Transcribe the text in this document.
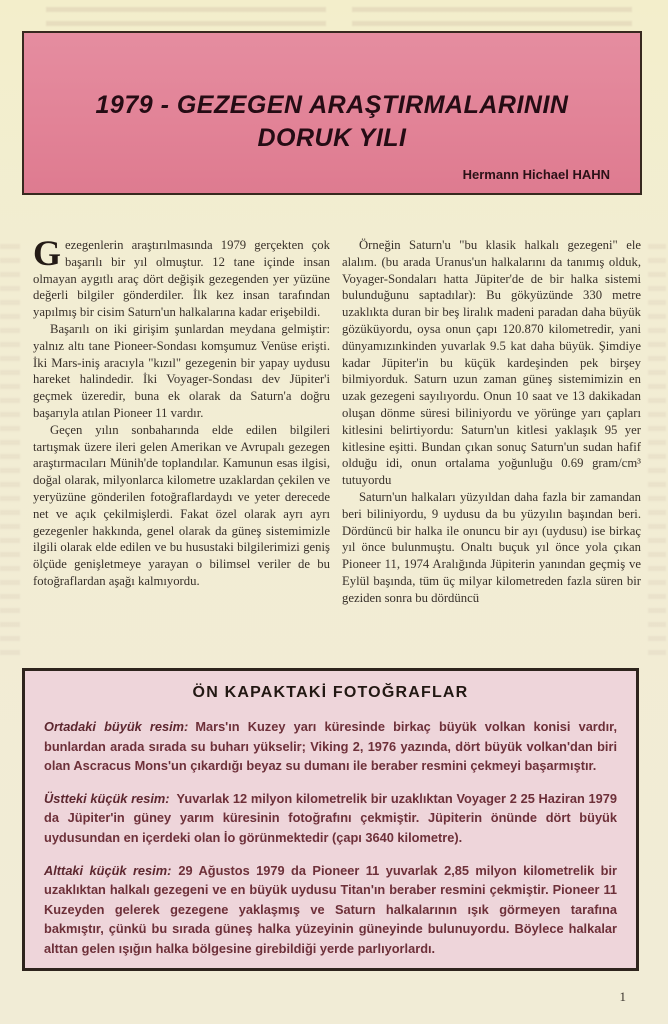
1979 - GEZEGEN ARAŞTIRMALARININ
DORUK YILI
Hermann Hichael HAHN

Gezegenlerin araştırılmasında 1979 gerçekten çok başarılı bir yıl olmuştur. 12 tane içinde insan olmayan aygıtlı araç dört değişik gezegenden yer yüzüne değerli bilgiler gönderdiler. İlk kez insan tarafından yapılmış bir cisim Saturn'un halkalarına kadar erişebildi.

Başarılı on iki girişim şunlardan meydana gelmiştir: yalnız altı tane Pioneer-Sondası komşumuz Venüse erişti. İki Mars-iniş aracıyla "kızıl" gezegenin bir yapay uydusu hareket halindedir. İki Voyager-Sondası dev Jüpiter'i geçmek üzeredir, buna ek olarak da Saturn'a doğru başarıyla atılan Pioneer 11 vardır.

Geçen yılın sonbaharında elde edilen bilgileri tartışmak üzere ileri gelen Amerikan ve Avrupalı gezegen araştırmacıları Münih'de toplandılar. Kamunun esas ilgisi, doğal olarak, milyonlarca kilometre uzaklardan çekilen ve yeryüzüne gönderilen fotoğraflardaydı ve yeter derecede net ve açık çekilmişlerdi. Fakat özel olarak ayrı ayrı gezegenler hakkında, genel olarak da güneş sistemimizle ilgili olarak elde edilen ve bu husustaki bilgilerimizi geniş ölçüde genişletmeye yarayan o bilimsel veriler de bu fotoğraflardan aşağı kalmıyordu.

Örneğin Saturn'u "bu klasik halkalı gezegeni" ele alalım. (bu arada Uranus'un halkalarını da tanımış olduk, Voyager-Sondaları hatta Jüpiter'de de bir halka sistemi bulunduğunu saptadılar): Bu gökyüzünde 330 metre uzaklıkta duran bir beş liralık madeni paradan daha büyük gözüküyordu, oysa onun çapı 120.870 kilometredir, yani dünyamızınkinden yuvarlak 9.5 kat daha büyük. Şimdiye kadar Jüpiter'in bu küçük kardeşinden pek birşey bilmiyorduk. Saturn uzun zaman güneş sistemimizin en uzak gezegeni sayılıyordu. Onun 10 saat ve 13 dakikadan oluşan dönme süresi biliniyordu ve yörünge yarı çapları kitlesini belirtiyordu: Saturn'un kitlesi yaklaşık 95 yer kitlesine eşitti. Bundan çıkan sonuç Saturn'un sudan hafif olduğu idi, onun ortalama yoğunluğu 0.69 gram/cm³ tutuyordu

Saturn'un halkaları yüzyıldan daha fazla bir zamandan beri biliniyordu, 9 uydusu da bu yüzyılın başından beri. Dördüncü bir halka ile onuncu bir ayı (uydusu) ise birkaç yıl önce bulunmuştu. Onaltı buçuk yıl önce yola çıkan Pioneer 11, 1974 Aralığında Jüpiterin yanından geçmiş ve Eylül başında, tüm üç milyar kilometreden fazla süren bir geziden sonra bu dördüncü

ÖN KAPAKTAKİ FOTOĞRAFLAR

Ortadaki büyük resim: Mars'ın Kuzey yarı küresinde birkaç büyük volkan konisi vardır, bunlardan arada sırada su buharı yükselir; Viking 2, 1976 yazında, dört büyük volkan'dan biri olan Ascracus Mons'un çıkardığı beyaz su dumanı ile beraber resmini çekmeyi başarmıştır.

Üstteki küçük resim: Yuvarlak 12 milyon kilometrelik bir uzaklıktan Voyager 2 25 Haziran 1979 da Jüpiter'in güney yarım küresinin fotoğrafını çekmiştir. Jüpiterin önünde dört büyük uydusundan en içerdeki olan İo görünmektedir (çapı 3640 kilometre).

Alttaki küçük resim: 29 Ağustos 1979 da Pioneer 11 yuvarlak 2,85 milyon kilometrelik bir uzaklıktan halkalı gezegeni ve en büyük uydusu Titan'ın beraber resmini çekmiştir. Pioneer 11 Kuzeyden gelerek gezegene yaklaşmış ve Saturn halkalarının ışık görmeyen tarafına bakmıştır, çünkü bu sırada güneş halka yüzeyinin güneyinde bulunuyordu. Böylece halkalar alttan gelen ışığın halka bölgesine girebildiği yerde parlıyorlardı.

1
